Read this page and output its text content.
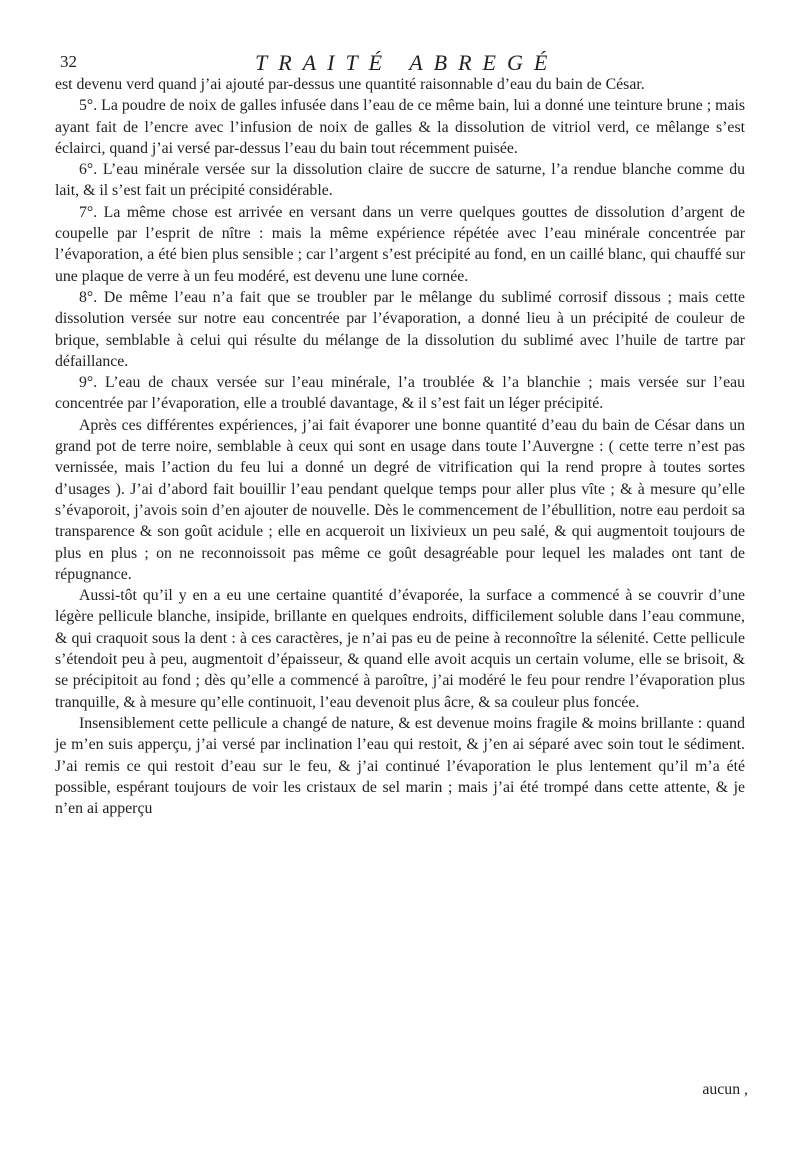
32	TRAITÉ ABREGÉ

est devenu verd quand j’ai ajouté par-dessus une quantité raisonnable d’eau du bain de César.

5°. La poudre de noix de galles infusée dans l’eau de ce même bain, lui a donné une teinture brune ; mais ayant fait de l’encre avec l’infusion de noix de galles & la dissolution de vitriol verd, ce mêlange s’est éclairci, quand j’ai versé par-dessus l’eau du bain tout récemment puisée.

6°. L’eau minérale versée sur la dissolution claire de succre de saturne, l’a rendue blanche comme du lait, & il s’est fait un précipité considérable.

7°. La même chose est arrivée en versant dans un verre quelques gouttes de dissolution d’argent de coupelle par l’esprit de nître : mais la même expérience répétée avec l’eau minérale concentrée par l’évaporation, a été bien plus sensible ; car l’argent s’est précipité au fond, en un caillé blanc, qui chauffé sur une plaque de verre à un feu modéré, est devenu une lune cornée.

8°. De même l’eau n’a fait que se troubler par le mêlange du sublimé corrosif dissous ; mais cette dissolution versée sur notre eau concentrée par l’évaporation, a donné lieu à un précipité de couleur de brique, semblable à celui qui résulte du mélange de la dissolution du sublimé avec l’huile de tartre par défaillance.

9°. L’eau de chaux versée sur l’eau minérale, l’a troublée & l’a blanchie ; mais versée sur l’eau concentrée par l’évaporation, elle a troublé davantage, & il s’est fait un léger précipité.

Après ces différentes expériences, j’ai fait évaporer une bonne quantité d’eau du bain de César dans un grand pot de terre noire, semblable à ceux qui sont en usage dans toute l’Auvergne : ( cette terre n’est pas vernissée, mais l’action du feu lui a donné un degré de vitrification qui la rend propre à toutes sortes d’usages ). J’ai d’abord fait bouillir l’eau pendant quelque temps pour aller plus vîte ; & à mesure qu’elle s’évaporoit, j’avois soin d’en ajouter de nouvelle. Dès le commencement de l’ébullition, notre eau perdoit sa transparence & son goût acidule ; elle en acqueroit un lixivieux un peu salé, & qui augmentoit toujours de plus en plus ; on ne reconnoissoit pas même ce goût desagréable pour lequel les malades ont tant de répugnance.

Aussi-tôt qu’il y en a eu une certaine quantité d’évaporée, la surface a commencé à se couvrir d’une légère pellicule blanche, insipide, brillante en quelques endroits, difficilement soluble dans l’eau commune, & qui craquoit sous la dent : à ces caractères, je n’ai pas eu de peine à reconnoître la sélenité. Cette pellicule s’étendoit peu à peu, augmentoit d’épaisseur, & quand elle avoit acquis un certain volume, elle se brisoit, & se précipitoit au fond ; dès qu’elle a commencé à paroître, j’ai modéré le feu pour rendre l’évaporation plus tranquille, & à mesure qu’elle continuoit, l’eau devenoit plus âcre, & sa couleur plus foncée.

Insensiblement cette pellicule a changé de nature, & est devenue moins fragile & moins brillante : quand je m’en suis apperçu, j’ai versé par inclination l’eau qui restoit, & j’en ai séparé avec soin tout le sédiment. J’ai remis ce qui restoit d’eau sur le feu, & j’ai continué l’évaporation le plus lentement qu’il m’a été possible, espérant toujours de voir les cristaux de sel marin ; mais j’ai été trompé dans cette attente, & je n’en ai apperçu

aucun ,
